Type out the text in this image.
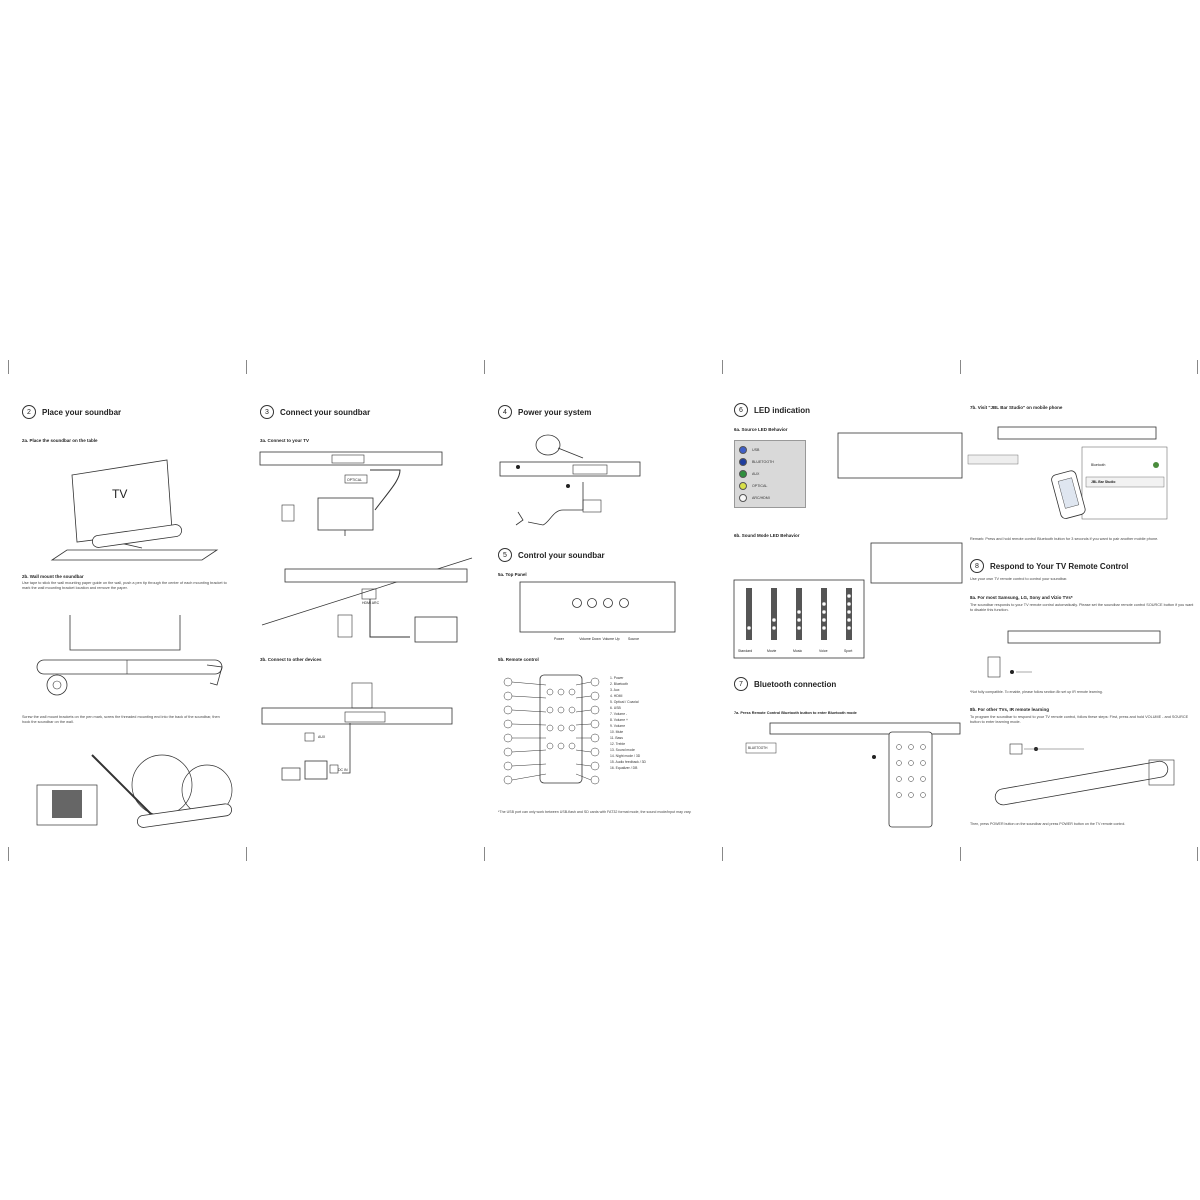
2	Place your soundbar
2a. Place the soundbar on the table
TV
2b. Wall mount the soundbar
Use tape to stick the wall mounting paper guide on the wall, push a pen tip through the center of each mounting bracket to mark the wall mounting bracket location and remove the paper.
Screw the wall mount brackets on the pen mark, screw the threaded mounting end into the back of the soundbar, then hook the soundbar on the wall.
3	Connect your soundbar
3a. Connect to your TV
OPTICAL
HDMI ARC
3b. Connect to other devices
AUX
DC IN
4	Power your system
5	Control your soundbar
5a. Top Panel
Power	Volume Down Volume Up Source
5b. Remote control
1. Power
2. Bluetooth
3. Aux
4. HDMI
5. Optical / Coaxial
6. USB
7. Volume -
8. Volume +
9. Volume
10. Mute
11. Bass
12. Treble
13. Sound mode
14. Night mode / 3D
15. Audio feedback / 3D
16. Equalizer / DB
*The USB port can only work between USB-flash and SD cards with FAT32 format mode, the sound mode/input may vary.
6	LED indication
6a. Source LED Behavior
USB
BLUETOOTH
AUX
OPTICAL
ARC/HDMI
6b. Sound Mode LED Behavior
Standard	Movie	Music	Voice	Sport
7	Bluetooth connection
7a. Press Remote Control Bluetooth button to enter Bluetooth mode
BLUETOOTH
7b. Visit "JBL Bar Studio" on mobile phone
Bluetooth
JBL Bar Studio
Remark: Press and hold remote control Bluetooth button for 3 seconds if you want to pair another mobile phone.
8	Respond to Your TV Remote Control
Use your own TV remote control to control your soundbar.
8a. For most Samsung, LG, Sony and Vizio TVs*
The soundbar responds to your TV remote control automatically. Please set the soundbar remote control SOURCE button if you want to disable this function.
*Not fully compatible. To enable, please follow section 8b set up IR remote learning.
8b. For other TVs, IR remote learning
To program the soundbar to respond to your TV remote control, follow these steps: First, press and hold VOLUME - and SOURCE button to enter learning mode.
Then, press POWER button on the soundbar and press POWER button on the TV remote control.
